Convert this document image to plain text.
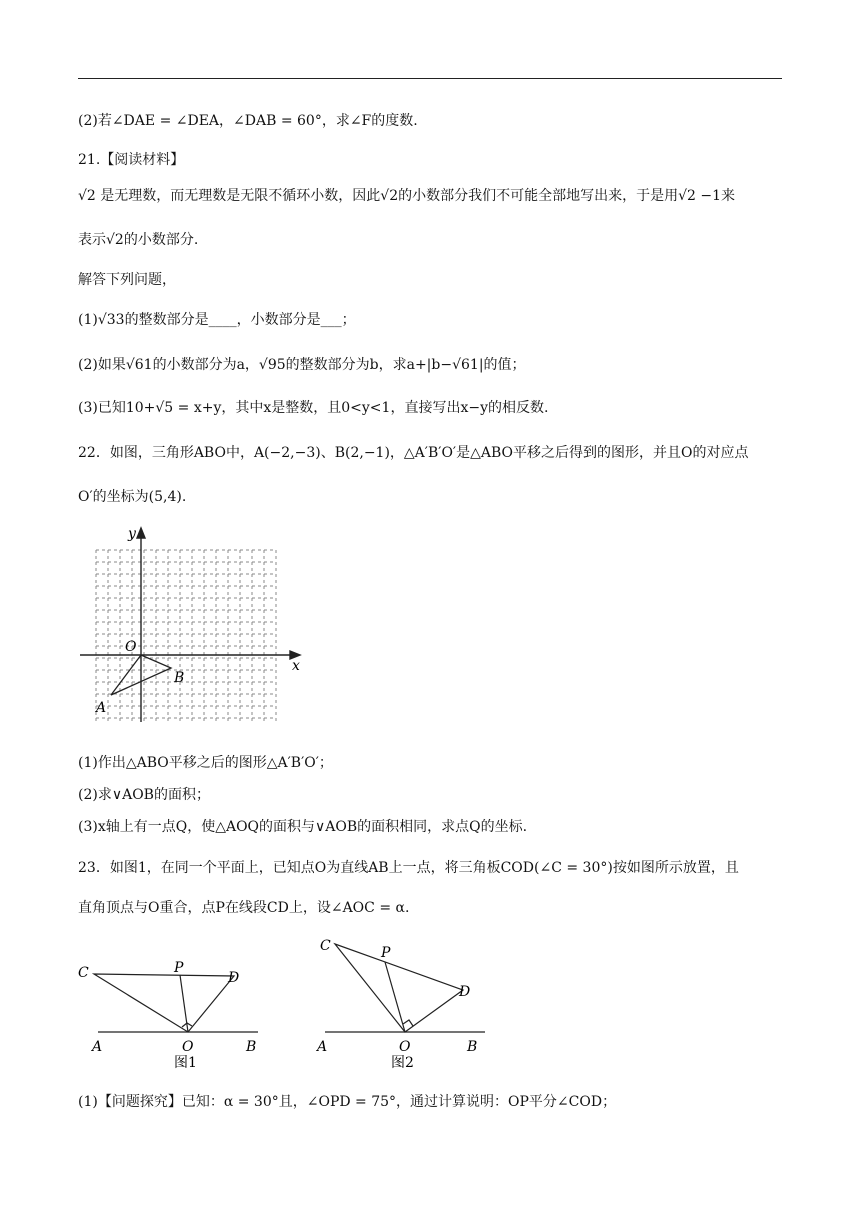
(2)若∠DAE = ∠DEA，∠DAB = 60°，求∠F的度数.
21.【阅读材料】
√2 是无理数，而无理数是无限不循环小数，因此√2的小数部分我们不可能全部地写出来，于是用√2 −1来
表示√2的小数部分.
解答下列问题，
(1)√33的整数部分是____，小数部分是___；
(2)如果√61的小数部分为a，√95的整数部分为b，求a+|b−√61|的值；
(3)已知10+√5 = x+y，其中x是整数，且0<y<1，直接写出x−y的相反数.
22．如图，三角形ABO中，A(−2,−3)、B(2,−1)，△A′B′O′是△ABO平移之后得到的图形，并且O的对应点
O′的坐标为(5,4).
x
y
O
B
A
(1)作出△ABO平移之后的图形△A′B′O′；
(2)求∨AOB的面积；
(3)x轴上有一点Q，使△AOQ的面积与∨AOB的面积相同，求点Q的坐标.
23．如图1，在同一个平面上，已知点O为直线AB上一点，将三角板COD(∠C = 30°)按如图所示放置，且
直角顶点与O重合，点P在线段CD上，设∠AOC = α.
C	P
D
A	O	B
图1
C	P
D
A	O	B
图2
(1)【问题探究】已知：α = 30°且，∠OPD = 75°，通过计算说明：OP平分∠COD；
